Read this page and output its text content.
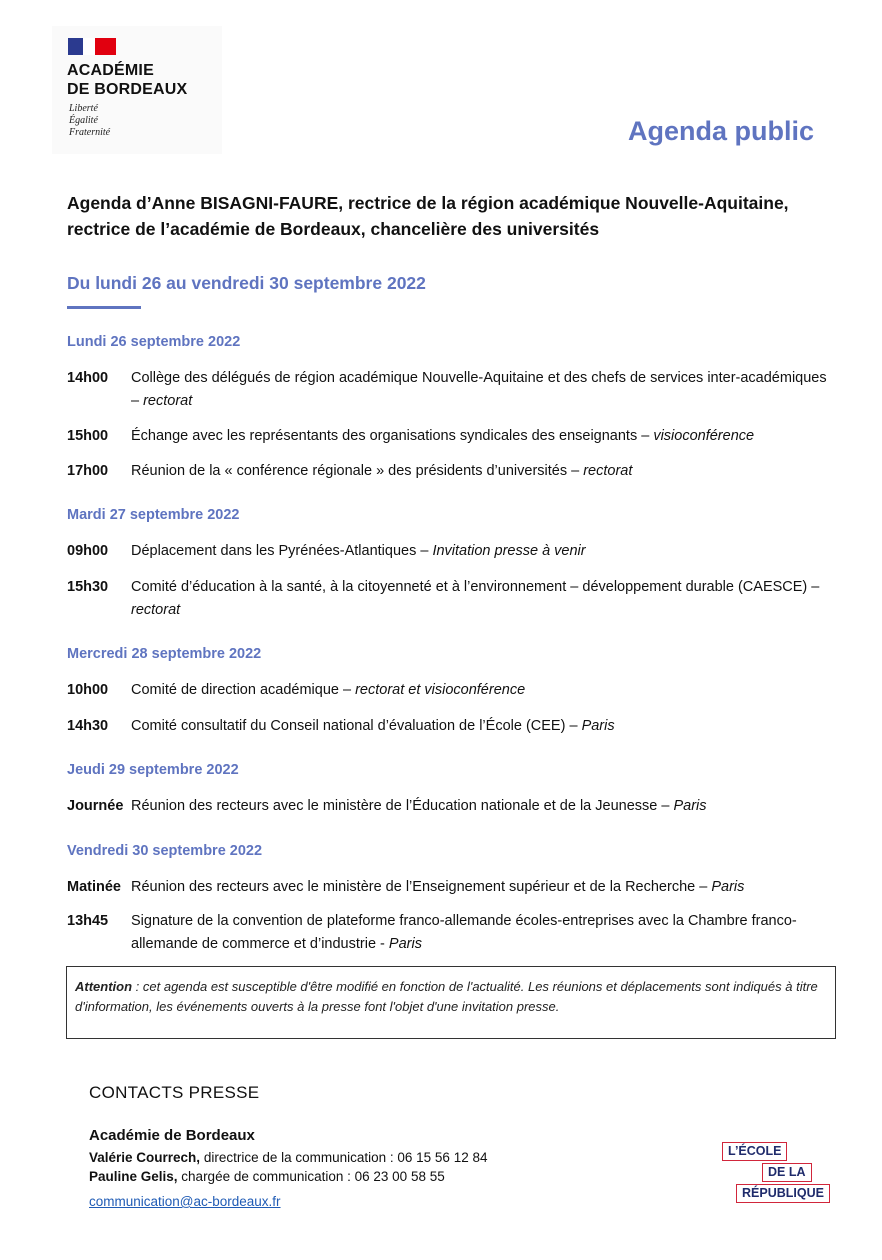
ACADÉMIE
DE BORDEAUX
Liberté
Égalité
Fraternité	Agenda public
Agenda d’Anne BISAGNI-FAURE, rectrice de la région académique Nouvelle-Aquitaine, rectrice de l’académie de Bordeaux, chancelière des universités
Du lundi 26 au vendredi 30 septembre 2022
Lundi 26 septembre 2022
14h00	Collège des délégués de région académique Nouvelle-Aquitaine et des chefs de services inter-académiques – rectorat
15h00	Échange avec les représentants des organisations syndicales des enseignants – visioconférence
17h00	Réunion de la « conférence régionale » des présidents d’universités – rectorat
Mardi 27 septembre 2022
09h00	Déplacement dans les Pyrénées-Atlantiques – Invitation presse à venir
15h30	Comité d’éducation à la santé, à la citoyenneté et à l’environnement – développement durable (CAESCE) – rectorat
Mercredi 28 septembre 2022
10h00	Comité de direction académique – rectorat et visioconférence
14h30	Comité consultatif du Conseil national d’évaluation de l’École (CEE) – Paris
Jeudi 29 septembre 2022
Journée Réunion des recteurs avec le ministère de l’Éducation nationale et de la Jeunesse – Paris
Vendredi 30 septembre 2022
Matinée Réunion des recteurs avec le ministère de l’Enseignement supérieur et de la Recherche – Paris
13h45	Signature de la convention de plateforme franco-allemande écoles-entreprises avec la Chambre franco-allemande de commerce et d’industrie - Paris
Attention : cet agenda est susceptible d'être modifié en fonction de l'actualité. Les réunions et déplacements sont indiqués à titre d'information, les événements ouverts à la presse font l'objet d'une invitation presse.
CONTACTS PRESSE
Académie de Bordeaux
Valérie Courrech, directrice de la communication : 06 15 56 12 84
Pauline Gelis, chargée de communication : 06 23 00 58 55
communication@ac-bordeaux.fr
L’ÉCOLE
DE LA
RÉPUBLIQUE
